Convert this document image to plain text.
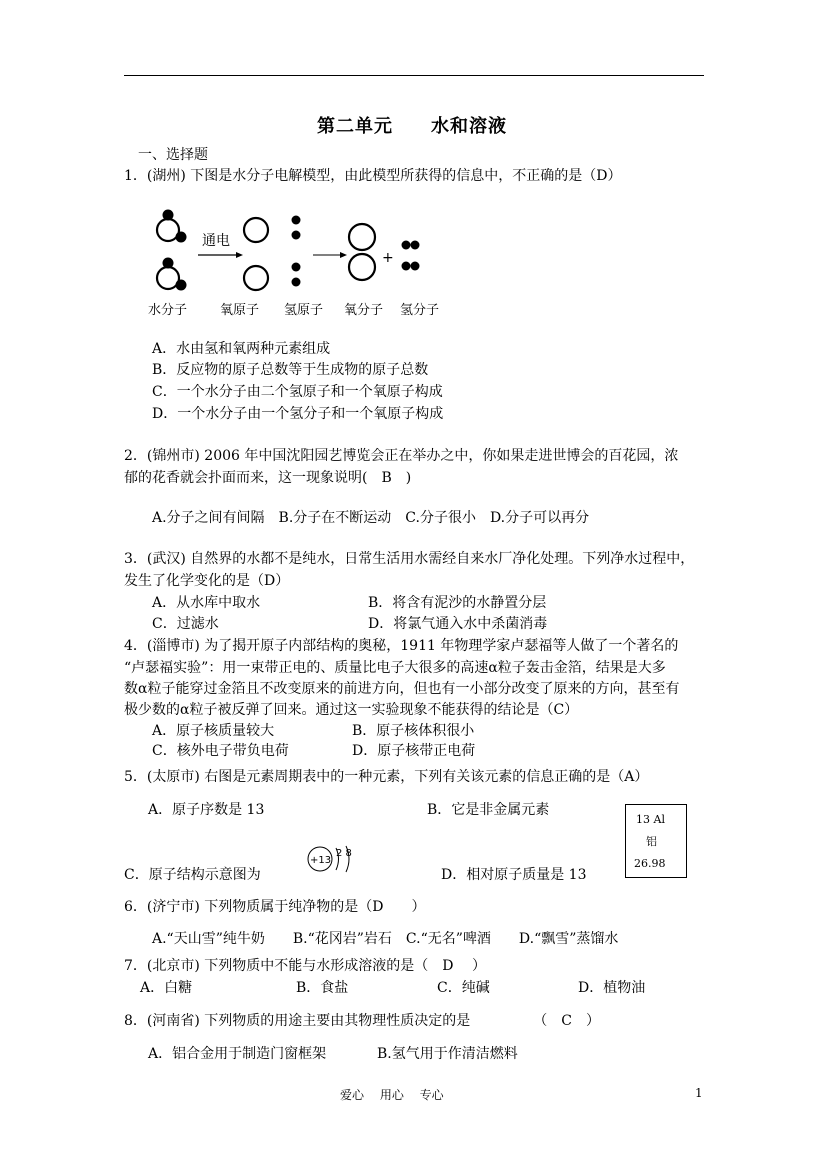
第二单元　　水和溶液
一、选择题
1．(湖州) 下图是水分子电解模型，由此模型所获得的信息中，不正确的是（D）
通电
+
水分子	氧原子 氢原子 氧分子 氢分子
A．水由氢和氧两种元素组成
B．反应物的原子总数等于生成物的原子总数
C．一个水分子由二个氢原子和一个氧原子构成
D．一个水分子由一个氢分子和一个氧原子构成
2．(锦州市) 2006 年中国沈阳园艺博览会正在举办之中，你如果走进世博会的百花园，浓
郁的花香就会扑面而来，这一现象说明(　B　)
A.分子之间有间隔　B.分子在不断运动　C.分子很小　D.分子可以再分
3．(武汉) 自然界的水都不是纯水，日常生活用水需经自来水厂净化处理。下列净水过程中，
发生了化学变化的是（D）
A．从水库中取水	B．将含有泥沙的水静置分层
C．过滤水	D．将氯气通入水中杀菌消毒
4．(淄博市) 为了揭开原子内部结构的奥秘，1911 年物理学家卢瑟福等人做了一个著名的
“卢瑟福实验”：用一束带正电的、质量比电子大很多的高速α粒子轰击金箔，结果是大多
数α粒子能穿过金箔且不改变原来的前进方向，但也有一小部分改变了原来的方向，甚至有
极少数的α粒子被反弹了回来。通过这一实验现象不能获得的结论是（C）
A．原子核质量较大	B．原子核体积很小
C．核外电子带负电荷	D．原子核带正电荷
5．(太原市) 右图是元素周期表中的一种元素，下列有关该元素的信息正确的是（A）
A．原子序数是 13	B．它是非金属元素
C．原子结构示意图为	D．相对原子质量是 13
+13
2 8
13 Al
铝
26.98
6．(济宁市) 下列物质属于纯净物的是（D　　）
A.“天山雪”纯牛奶　　B.“花冈岩”岩石　C.“无名”啤酒　　D.“飘雪”蒸馏水
7．(北京市) 下列物质中不能与水形成溶液的是（　D　 ）
A．白糖	B．食盐	C．纯碱	D．植物油
8．(河南省) 下列物质的用途主要由其物理性质决定的是　　　　　（　C　）
A．铝合金用于制造门窗框架	B.氢气用于作清洁燃料
爱心　 用心　 专心	1
